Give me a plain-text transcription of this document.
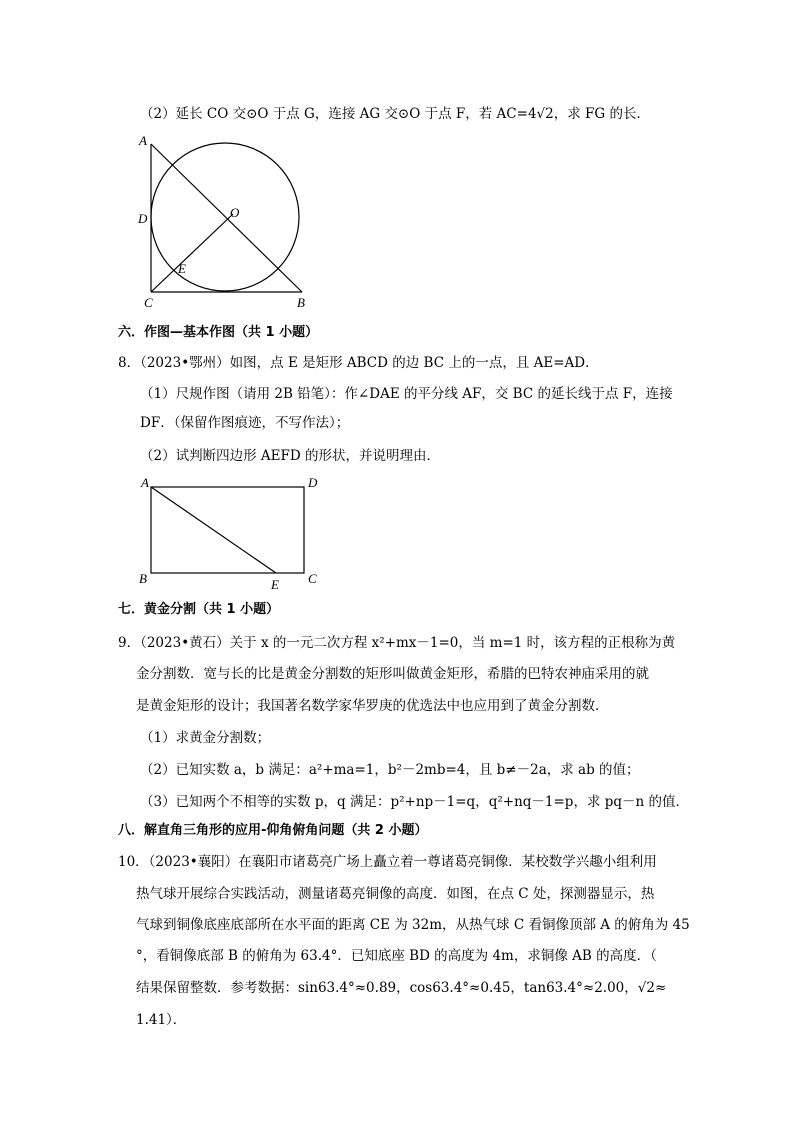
（2）延长 CO 交⊙O 于点 G，连接 AG 交⊙O 于点 F，若 AC=4√2，求 FG 的长．
A
D	O
E
C	B
六．作图—基本作图（共 1 小题）
8．（2023•鄂州）如图，点 E 是矩形 ABCD 的边 BC 上的一点，且 AE=AD．
（1）尺规作图（请用 2B 铅笔）：作∠DAE 的平分线 AF，交 BC 的延长线于点 F，连接
DF．（保留作图痕迹，不写作法）；
（2）试判断四边形 AEFD 的形状，并说明理由．
A	D
B	E C
七．黄金分割（共 1 小题）
9．（2023•黄石）关于 x 的一元二次方程 x²+mx－1=0，当 m=1 时，该方程的正根称为黄
金分割数．宽与长的比是黄金分割数的矩形叫做黄金矩形，希腊的巴特农神庙采用的就
是黄金矩形的设计；我国著名数学家华罗庚的优选法中也应用到了黄金分割数．
（1）求黄金分割数；
（2）已知实数 a，b 满足：a²+ma=1，b²－2mb=4，且 b≠－2a，求 ab 的值；
（3）已知两个不相等的实数 p，q 满足：p²+np－1=q，q²+nq－1=p，求 pq－n 的值．
八．解直角三角形的应用-仰角俯角问题（共 2 小题）
10．（2023•襄阳）在襄阳市诸葛亮广场上矗立着一尊诸葛亮铜像．某校数学兴趣小组利用
热气球开展综合实践活动，测量诸葛亮铜像的高度．如图，在点 C 处，探测器显示，热
气球到铜像底座底部所在水平面的距离 CE 为 32m，从热气球 C 看铜像顶部 A 的俯角为 45
°，看铜像底部 B 的俯角为 63.4°．已知底座 BD 的高度为 4m，求铜像 AB 的高度．（
结果保留整数．参考数据：sin63.4°≈0.89，cos63.4°≈0.45，tan63.4°≈2.00，√2≈
1.41）．
